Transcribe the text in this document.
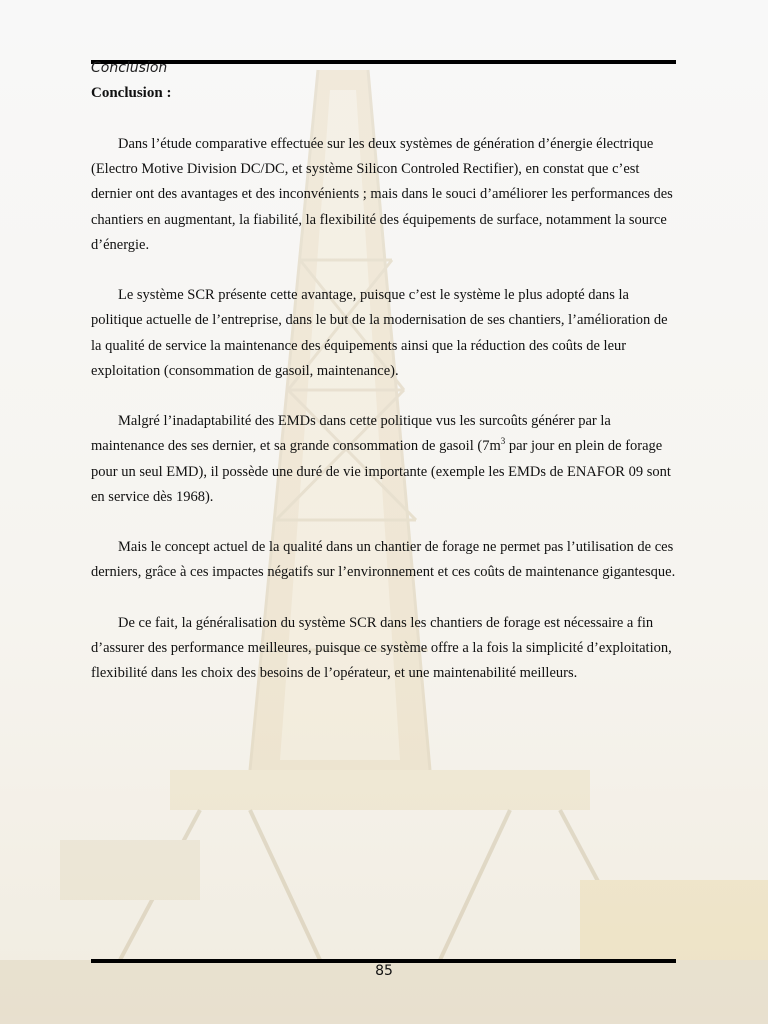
Conclusion
Conclusion :

Dans l’étude comparative effectuée sur les deux systèmes de génération d’énergie électrique (Electro Motive Division DC/DC, et système Silicon Controled Rectifier), en constat que c’est dernier ont des avantages et des inconvénients ; mais dans le souci d’améliorer les performances des chantiers en augmentant, la fiabilité, la flexibilité des équipements de surface, notamment la source d’énergie.

Le système SCR présente cette avantage, puisque c’est le système le plus adopté dans la politique actuelle de l’entreprise, dans le but de la modernisation de ses chantiers, l’amélioration de la qualité de service la maintenance des équipements ainsi que la réduction des coûts de leur exploitation (consommation de gasoil, maintenance).

Malgré l’inadaptabilité des EMDs dans cette politique vus les surcoûts générer par la maintenance des ses dernier, et sa grande consommation de gasoil ($7m^3$ par jour en plein de forage pour un seul EMD), il possède une duré de vie importante (exemple les EMDs de ENAFOR 09 sont en service dès 1968).

Mais le concept actuel de la qualité dans un chantier de forage ne permet pas l’utilisation de ces derniers, grâce à ces impactes négatifs sur l’environnement et ces coûts de maintenance gigantesque.

De ce fait, la généralisation du système SCR dans les chantiers de forage est nécessaire a fin d’assurer des performance meilleures, puisque ce système offre a la fois la simplicité d’exploitation, flexibilité dans les choix des besoins de l’opérateur, et une maintenabilité meilleurs.

85
